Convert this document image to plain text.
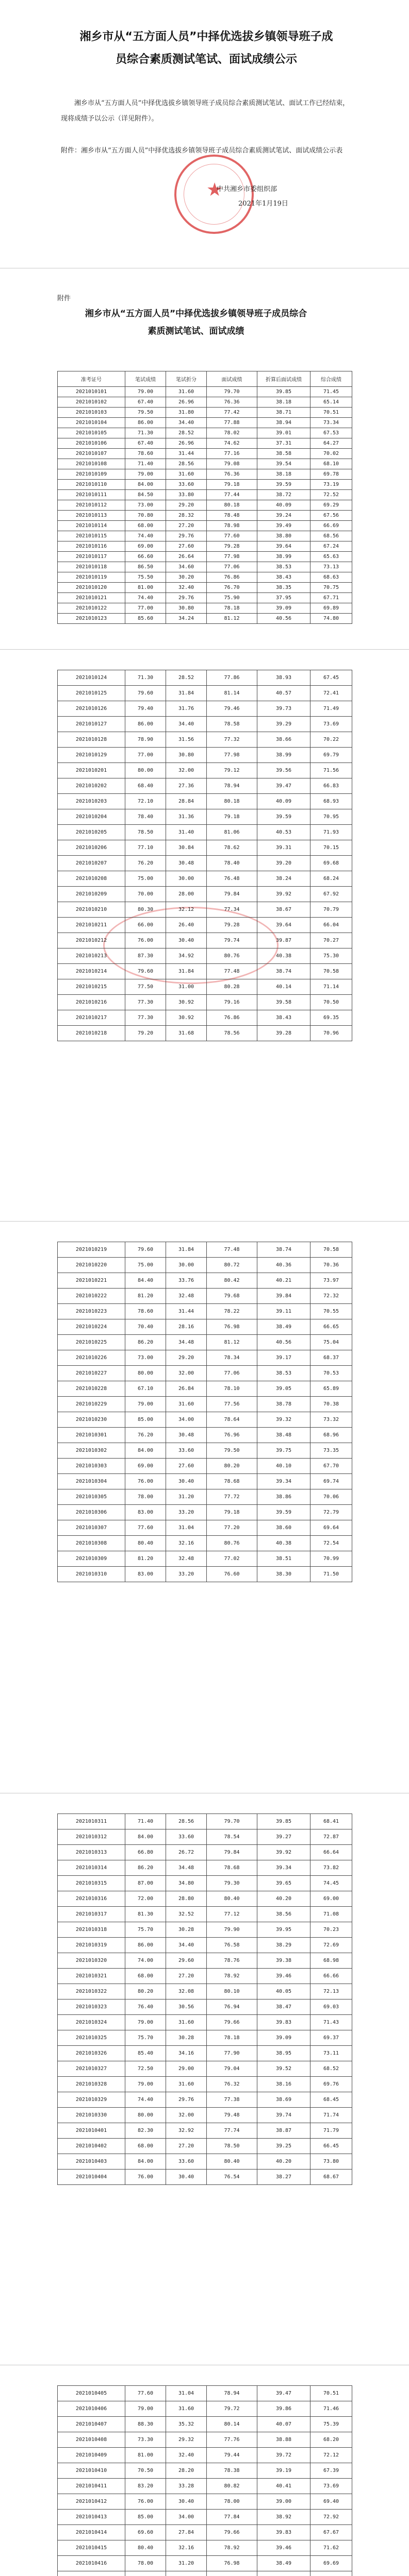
湘乡市从“五方面人员”中择优选拔乡镇领导班子成员综合素质测试笔试、面试成绩公示
湘乡市从“五方面人员”中择优选拔乡镇领导班子成员综合素质测试笔试、面试工作已经结束，现将成绩予以公示（详见附件）。
附件：湘乡市从“五方面人员”中择优选拔乡镇领导班子成员综合素质测试笔试、面试成绩公示表
★
中共湘乡市委组织部
2021年1月19日
附件
湘乡市从“五方面人员”中择优选拔乡镇领导班子成员综合素质测试笔试、面试成绩
准考证号	笔试成绩	笔试折分	面试成绩	折算后面试成绩	综合成绩
2021010101	79.00	31.60	79.70	39.85	71.45
2021010102	67.40	26.96	76.36	38.18	65.14
2021010103	79.50	31.80	77.42	38.71	70.51
2021010104	86.00	34.40	77.88	38.94	73.34
2021010105	71.30	28.52	78.02	39.01	67.53
2021010106	67.40	26.96	74.62	37.31	64.27
2021010107	78.60	31.44	77.16	38.58	70.02
2021010108	71.40	28.56	79.08	39.54	68.10
2021010109	79.00	31.60	76.36	38.18	69.78
2021010110	84.00	33.60	79.18	39.59	73.19
2021010111	84.50	33.80	77.44	38.72	72.52
2021010112	73.00	29.20	80.18	40.09	69.29
2021010113	70.80	28.32	78.48	39.24	67.56
2021010114	68.00	27.20	78.98	39.49	66.69
2021010115	74.40	29.76	77.60	38.80	68.56
2021010116	69.00	27.60	79.28	39.64	67.24
2021010117	66.60	26.64	77.98	38.99	65.63
2021010118	86.50	34.60	77.06	38.53	73.13
2021010119	75.50	30.20	76.86	38.43	68.63
2021010120	81.00	32.40	76.70	38.35	70.75
2021010121	74.40	29.76	75.90	37.95	67.71
2021010122	77.00	30.80	78.18	39.09	69.89
2021010123	85.60	34.24	81.12	40.56	74.80
2021010124	71.30	28.52	77.86	38.93	67.45
2021010125	79.60	31.84	81.14	40.57	72.41
2021010126	79.40	31.76	79.46	39.73	71.49
2021010127	86.00	34.40	78.58	39.29	73.69
2021010128	78.90	31.56	77.32	38.66	70.22
2021010129	77.00	30.80	77.98	38.99	69.79
2021010201	80.00	32.00	79.12	39.56	71.56
2021010202	68.40	27.36	78.94	39.47	66.83
2021010203	72.10	28.84	80.18	40.09	68.93
2021010204	78.40	31.36	79.18	39.59	70.95
2021010205	78.50	31.40	81.06	40.53	71.93
2021010206	77.10	30.84	78.62	39.31	70.15
2021010207	76.20	30.48	78.40	39.20	69.68
2021010208	75.00	30.00	76.48	38.24	68.24
2021010209	70.00	28.00	79.84	39.92	67.92
2021010210	80.30	32.12	77.34	38.67	70.79
2021010211	66.00	26.40	79.28	39.64	66.04
2021010212	76.00	30.40	79.74	39.87	70.27
2021010213	87.30	34.92	80.76	40.38	75.30
2021010214	79.60	31.84	77.48	38.74	70.58
2021010215	77.50	31.00	80.28	40.14	71.14
2021010216	77.30	30.92	79.16	39.58	70.50
2021010217	77.30	30.92	76.86	38.43	69.35
2021010218	79.20	31.68	78.56	39.28	70.96
2021010219	79.60	31.84	77.48	38.74	70.58
2021010220	75.00	30.00	80.72	40.36	70.36
2021010221	84.40	33.76	80.42	40.21	73.97
2021010222	81.20	32.48	79.68	39.84	72.32
2021010223	78.60	31.44	78.22	39.11	70.55
2021010224	70.40	28.16	76.98	38.49	66.65
2021010225	86.20	34.48	81.12	40.56	75.04
2021010226	73.00	29.20	78.34	39.17	68.37
2021010227	80.00	32.00	77.06	38.53	70.53
2021010228	67.10	26.84	78.10	39.05	65.89
2021010229	79.00	31.60	77.56	38.78	70.38
2021010230	85.00	34.00	78.64	39.32	73.32
2021010301	76.20	30.48	76.96	38.48	68.96
2021010302	84.00	33.60	79.50	39.75	73.35
2021010303	69.00	27.60	80.20	40.10	67.70
2021010304	76.00	30.40	78.68	39.34	69.74
2021010305	78.00	31.20	77.72	38.86	70.06
2021010306	83.00	33.20	79.18	39.59	72.79
2021010307	77.60	31.04	77.20	38.60	69.64
2021010308	80.40	32.16	80.76	40.38	72.54
2021010309	81.20	32.48	77.02	38.51	70.99
2021010310	83.00	33.20	76.60	38.30	71.50
2021010311	71.40	28.56	79.70	39.85	68.41
2021010312	84.00	33.60	78.54	39.27	72.87
2021010313	66.80	26.72	79.84	39.92	66.64
2021010314	86.20	34.48	78.68	39.34	73.82
2021010315	87.00	34.80	79.30	39.65	74.45
2021010316	72.00	28.80	80.40	40.20	69.00
2021010317	81.30	32.52	77.12	38.56	71.08
2021010318	75.70	30.28	79.90	39.95	70.23
2021010319	86.00	34.40	76.58	38.29	72.69
2021010320	74.00	29.60	78.76	39.38	68.98
2021010321	68.00	27.20	78.92	39.46	66.66
2021010322	80.20	32.08	80.10	40.05	72.13
2021010323	76.40	30.56	76.94	38.47	69.03
2021010324	79.00	31.60	79.66	39.83	71.43
2021010325	75.70	30.28	78.18	39.09	69.37
2021010326	85.40	34.16	77.90	38.95	73.11
2021010327	72.50	29.00	79.04	39.52	68.52
2021010328	79.00	31.60	76.32	38.16	69.76
2021010329	74.40	29.76	77.38	38.69	68.45
2021010330	80.00	32.00	79.48	39.74	71.74
2021010401	82.30	32.92	77.74	38.87	71.79
2021010402	68.00	27.20	78.50	39.25	66.45
2021010403	84.00	33.60	80.40	40.20	73.80
2021010404	76.00	30.40	76.54	38.27	68.67
2021010405	77.60	31.04	78.94	39.47	70.51
2021010406	79.00	31.60	79.72	39.86	71.46
2021010407	88.30	35.32	80.14	40.07	75.39
2021010408	73.30	29.32	77.76	38.88	68.20
2021010409	81.00	32.40	79.44	39.72	72.12
2021010410	70.50	28.20	78.38	39.19	67.39
2021010411	83.20	33.28	80.82	40.41	73.69
2021010412	76.00	30.40	78.00	39.00	69.40
2021010413	85.00	34.00	77.84	38.92	72.92
2021010414	69.60	27.84	79.66	39.83	67.67
2021010415	80.40	32.16	78.92	39.46	71.62
2021010416	78.00	31.20	76.98	38.49	69.69
